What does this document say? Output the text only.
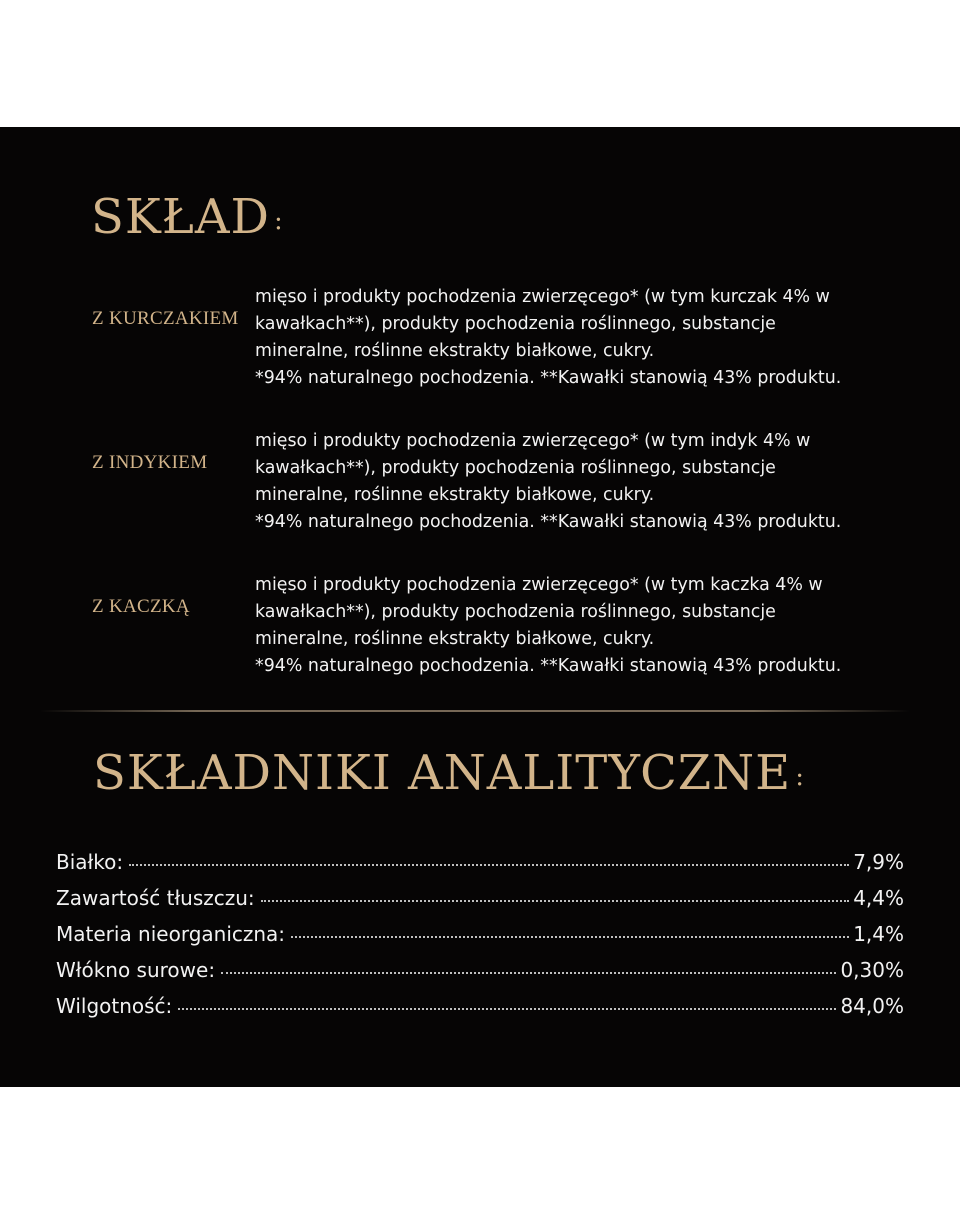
SKŁAD :

Z KURCZAKIEM

mięso i produkty pochodzenia zwierzęcego* (w tym kurczak 4% w

kawałkach**), produkty pochodzenia roślinnego, substancje

mineralne, roślinne ekstrakty białkowe, cukry.

*94% naturalnego pochodzenia. **Kawałki stanowią 43% produktu.

Z INDYKIEM

mięso i produkty pochodzenia zwierzęcego* (w tym indyk 4% w

kawałkach**), produkty pochodzenia roślinnego, substancje

mineralne, roślinne ekstrakty białkowe, cukry.

*94% naturalnego pochodzenia. **Kawałki stanowią 43% produktu.

Z KACZKĄ

mięso i produkty pochodzenia zwierzęcego* (w tym kaczka 4% w

kawałkach**), produkty pochodzenia roślinnego, substancje

mineralne, roślinne ekstrakty białkowe, cukry.

*94% naturalnego pochodzenia. **Kawałki stanowią 43% produktu.

SKŁADNIKI ANALITYCZNE :
Białko:	7,9%
Zawartość tłuszczu:	4,4%
Materia nieorganiczna:	1,4%
Włókno surowe:	0,30%
Wilgotność:	84,0%
